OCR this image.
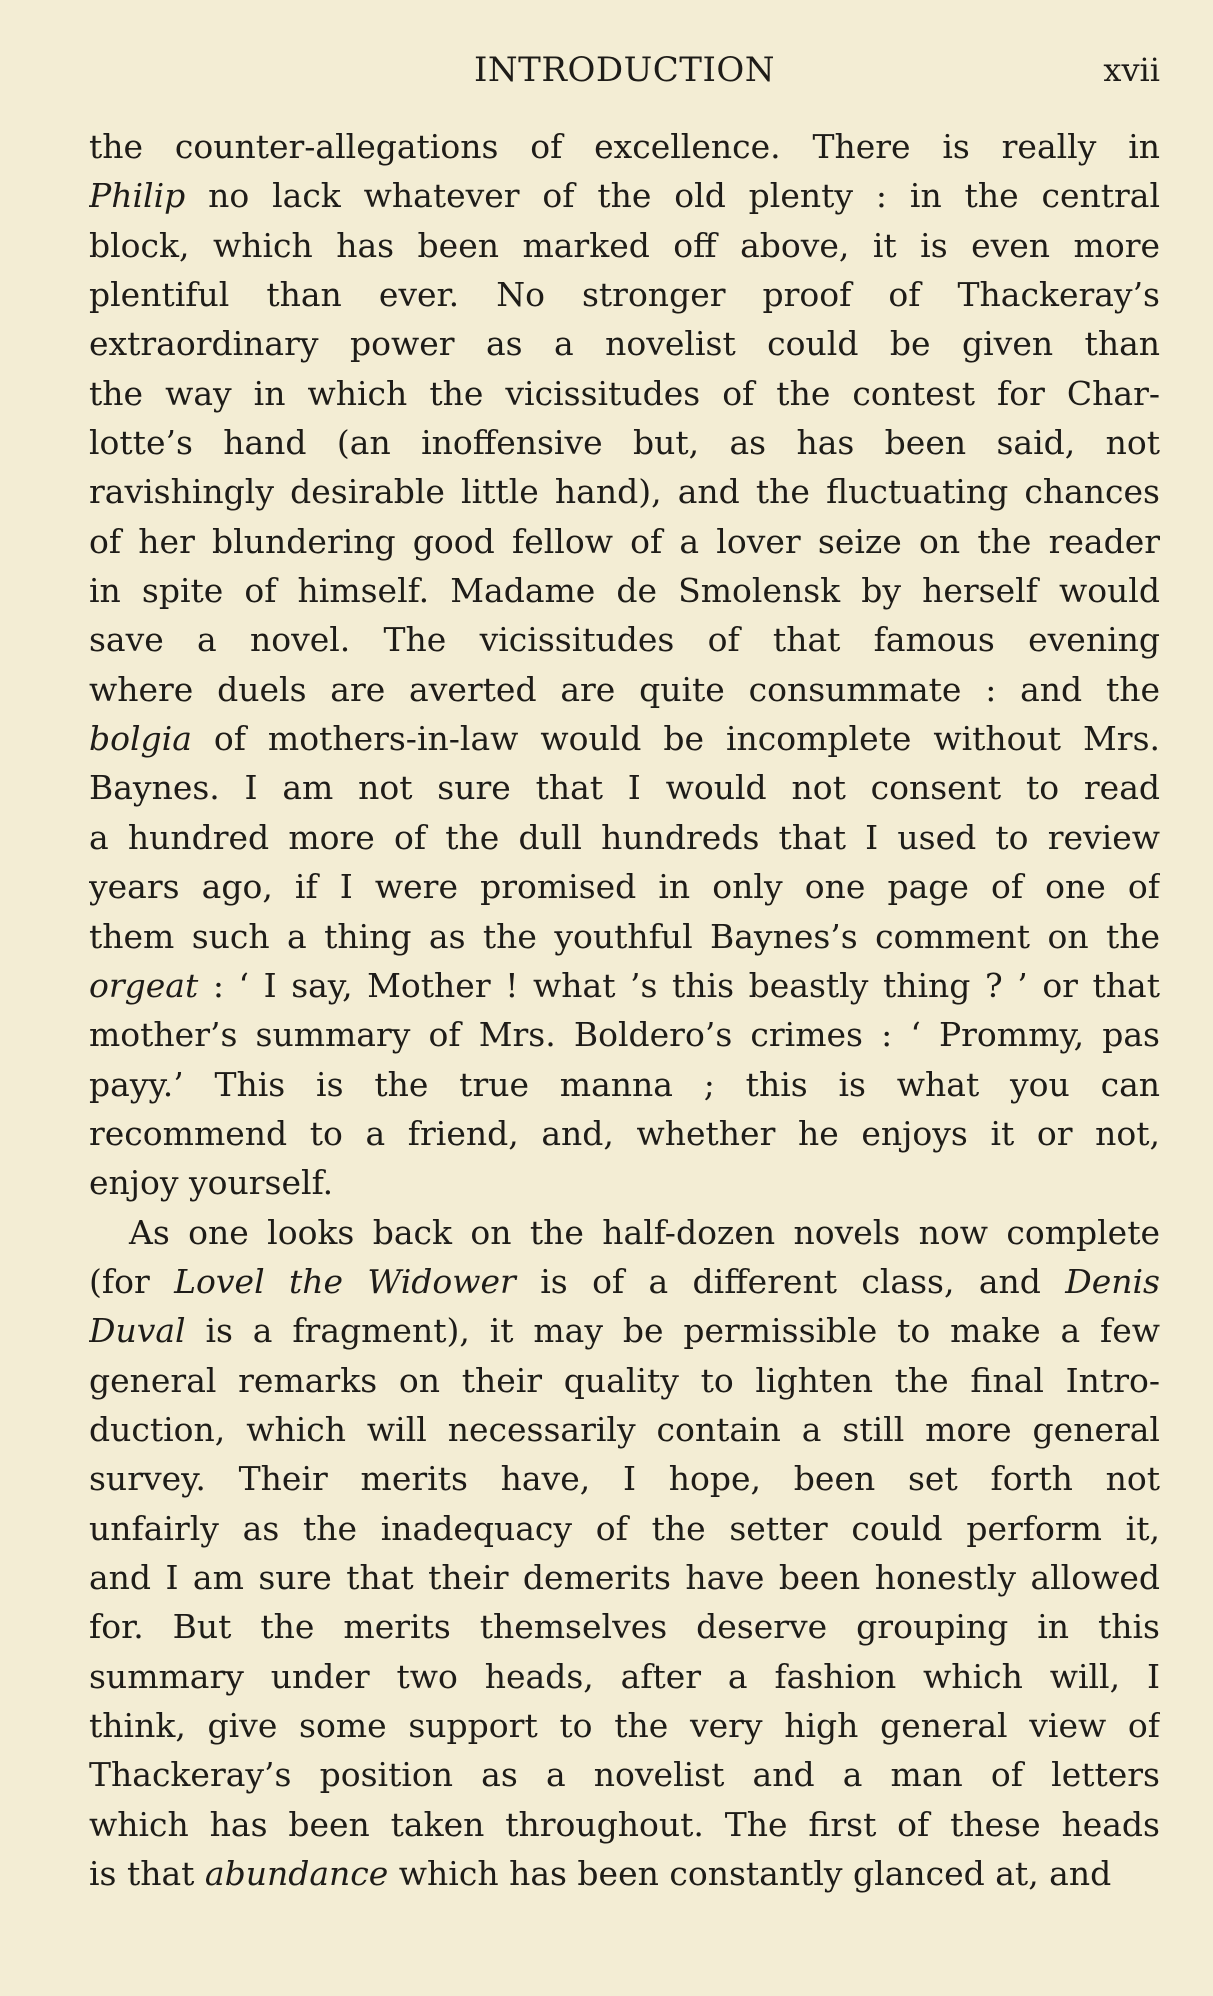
INTRODUCTION	xvii
the counter-allegations of excellence. There is really in
Philip no lack whatever of the old plenty : in the central
block, which has been marked off above, it is even more
plentiful than ever. No stronger proof of Thackeray’s
extraordinary power as a novelist could be given than
the way in which the vicissitudes of the contest for Char-
lotte’s hand (an inoffensive but, as has been said, not
ravishingly desirable little hand), and the fluctuating chances
of her blundering good fellow of a lover seize on the reader
in spite of himself. Madame de Smolensk by herself would
save a novel. The vicissitudes of that famous evening
where duels are averted are quite consummate : and the
bolgia of mothers-in-law would be incomplete without Mrs.
Baynes. I am not sure that I would not consent to read
a hundred more of the dull hundreds that I used to review
years ago, if I were promised in only one page of one of
them such a thing as the youthful Baynes’s comment on the
orgeat : ‘ I say, Mother ! what ’s this beastly thing ? ’ or that
mother’s summary of Mrs. Boldero’s crimes : ‘ Prommy, pas
payy.’ This is the true manna ; this is what you can
recommend to a friend, and, whether he enjoys it or not,
enjoy yourself.
As one looks back on the half-dozen novels now complete
(for Lovel the Widower is of a different class, and Denis
Duval is a fragment), it may be permissible to make a few
general remarks on their quality to lighten the final Intro-
duction, which will necessarily contain a still more general
survey. Their merits have, I hope, been set forth not
unfairly as the inadequacy of the setter could perform it,
and I am sure that their demerits have been honestly allowed
for. But the merits themselves deserve grouping in this
summary under two heads, after a fashion which will, I
think, give some support to the very high general view of
Thackeray’s position as a novelist and a man of letters
which has been taken throughout. The first of these heads
is that abundance which has been constantly glanced at, and
